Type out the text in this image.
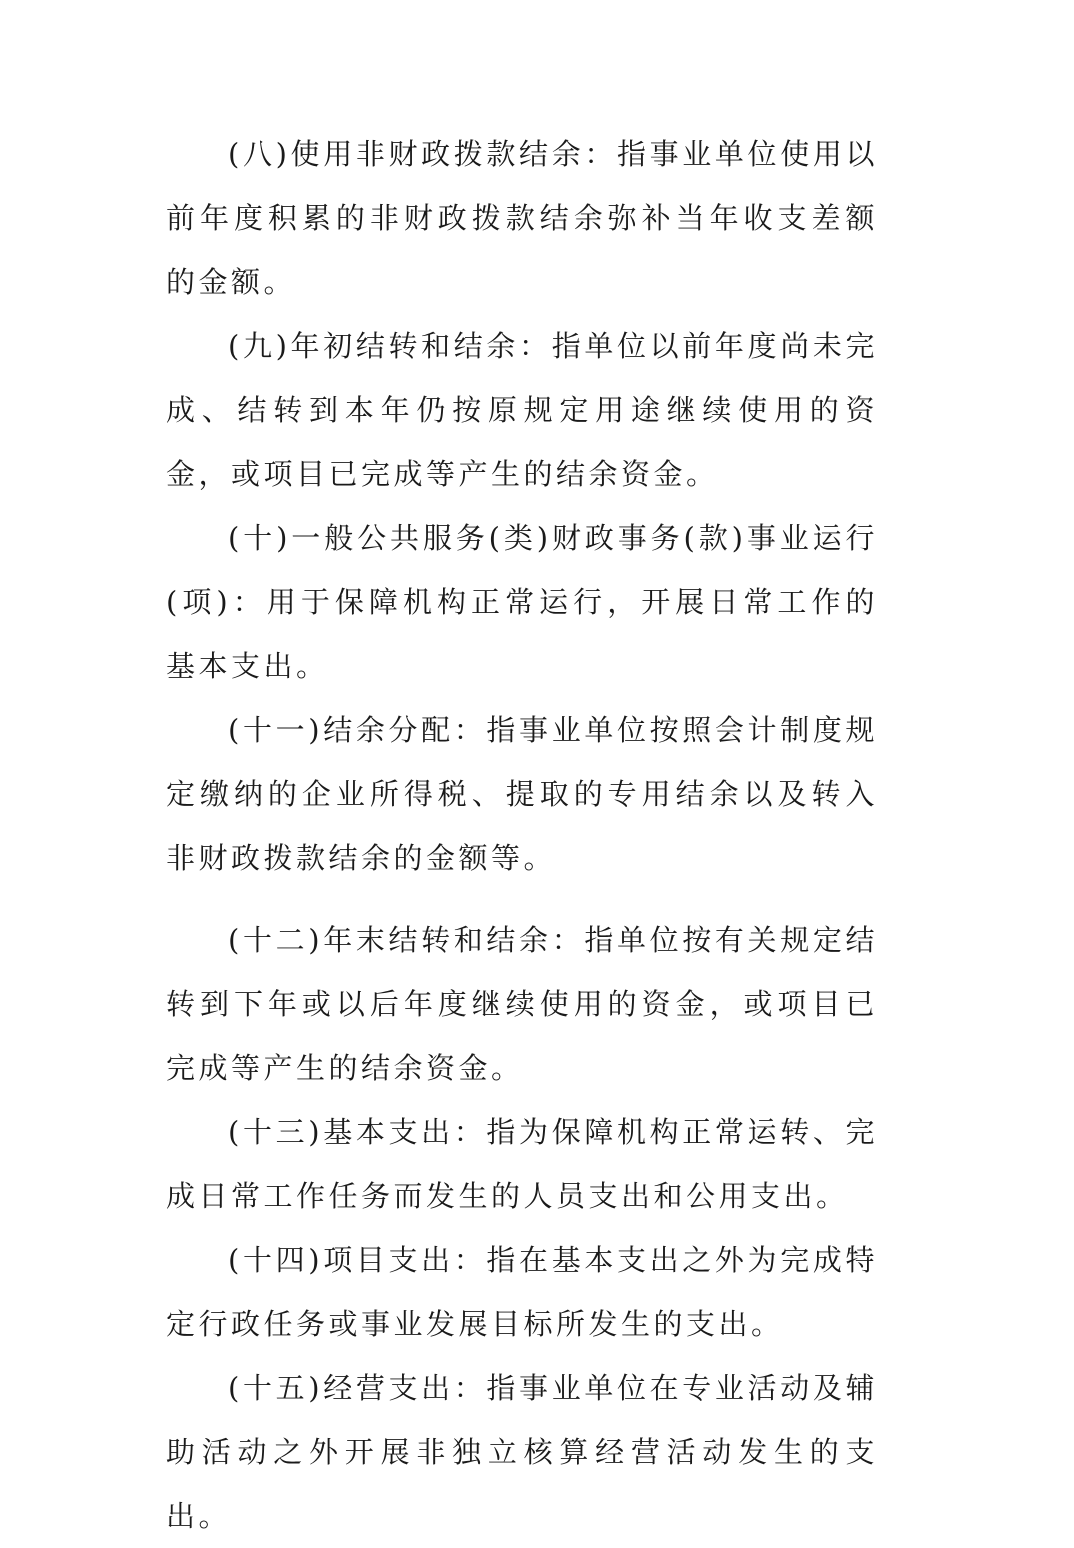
(八)使用非财政拨款结余：指事业单位使用以前年度积累的非财政拨款结余弥补当年收支差额的金额。

(九)年初结转和结余：指单位以前年度尚未完成、结转到本年仍按原规定用途继续使用的资金，或项目已完成等产生的结余资金。

(十)一般公共服务(类)财政事务(款)事业运行(项)：用于保障机构正常运行，开展日常工作的基本支出。

(十一)结余分配：指事业单位按照会计制度规定缴纳的企业所得税、提取的专用结余以及转入非财政拨款结余的金额等。

(十二)年末结转和结余：指单位按有关规定结转到下年或以后年度继续使用的资金，或项目已完成等产生的结余资金。

(十三)基本支出：指为保障机构正常运转、完成日常工作任务而发生的人员支出和公用支出。

(十四)项目支出：指在基本支出之外为完成特定行政任务或事业发展目标所发生的支出。

(十五)经营支出：指事业单位在专业活动及辅助活动之外开展非独立核算经营活动发生的支出。
